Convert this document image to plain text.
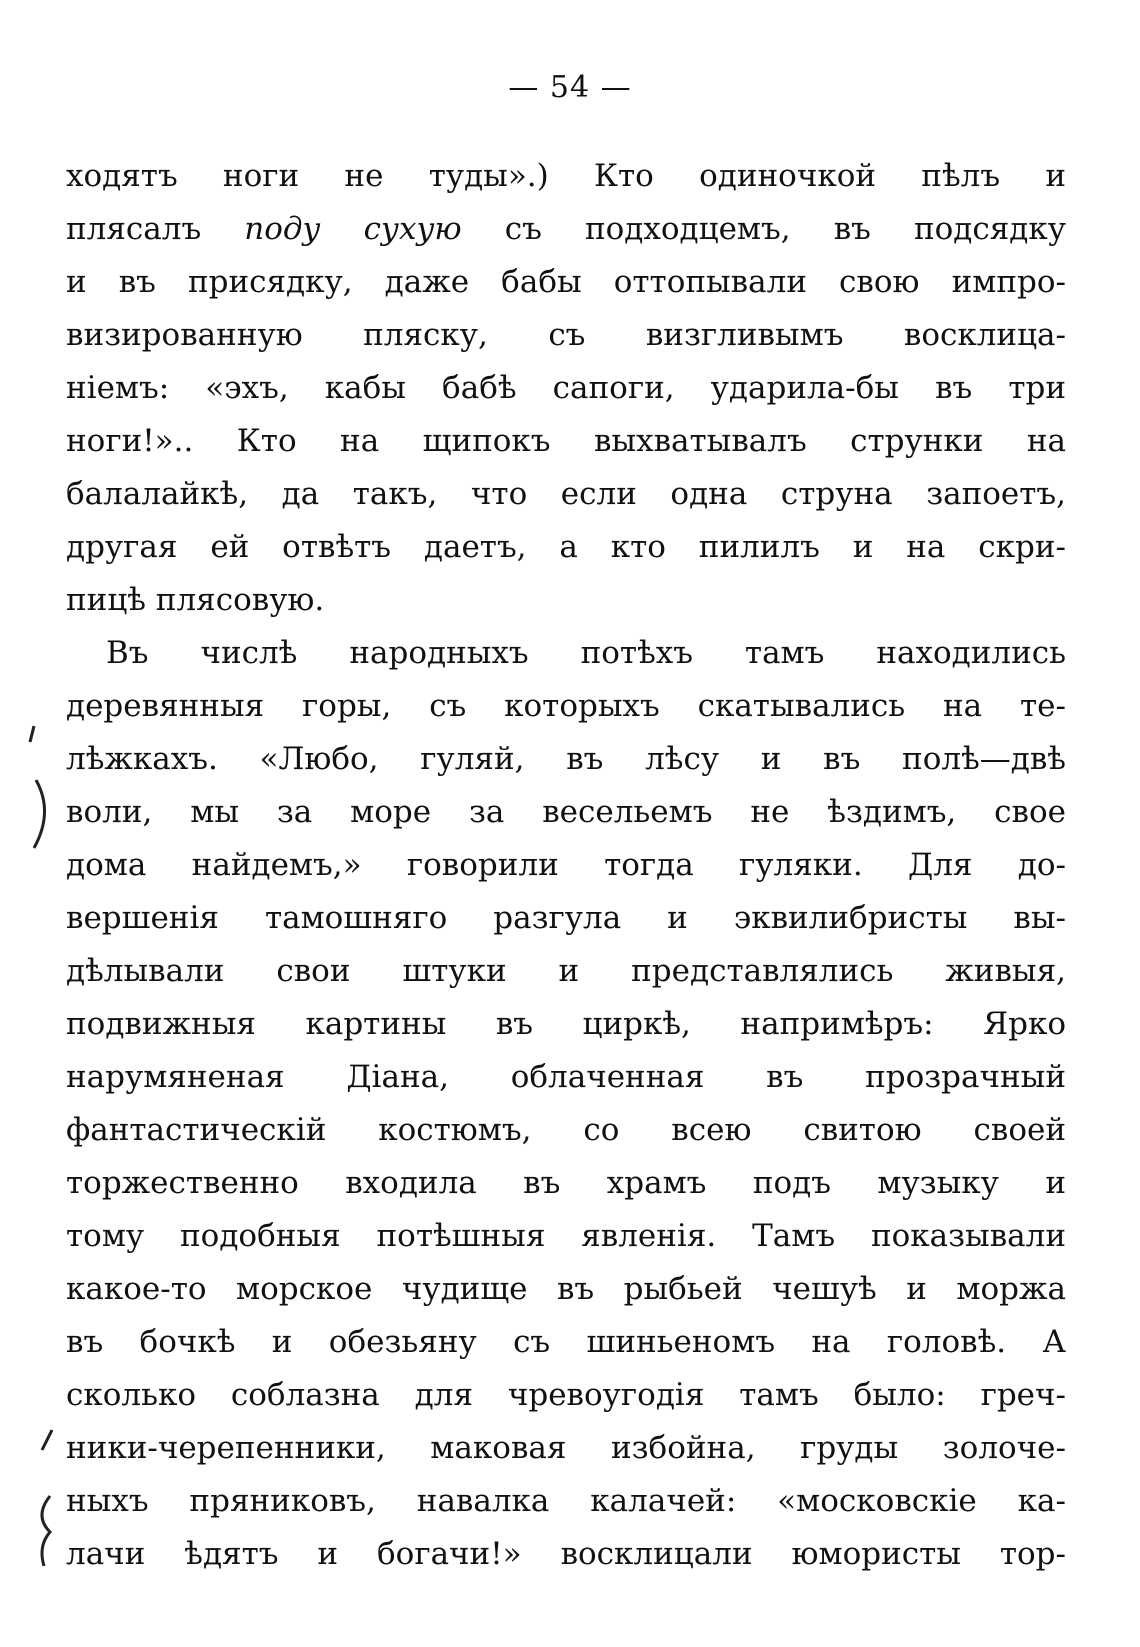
— 54 —
ходятъ ноги не туды».) Кто одиночкой пѣлъ и
плясалъ пoду сухую съ подходцемъ, въ подсядку
и въ присядку, даже бабы оттопывали свою импро-
визированную пляску, съ визгливымъ восклица-
ніемъ: «эхъ, кабы бабѣ сапоги, ударила-бы въ три
ноги!».. Кто на щипокъ выхватывалъ струнки на
балалайкѣ, да такъ, что если одна струна запоетъ,
другая ей отвѣтъ даетъ, а кто пилилъ и на скри-
пицѣ плясовую.
Въ числѣ народныхъ потѣхъ тамъ находились
деревянныя горы, съ которыхъ скатывались на те-
лѣжкахъ. «Любо, гуляй, въ лѣсу и въ полѣ—двѣ
воли, мы за море за весельемъ не ѣздимъ, свое
дома найдемъ,» говорили тогда гуляки. Для до-
вершенія тамошняго разгула и эквилибристы вы-
дѣлывали свои штуки и представлялись живыя,
подвижныя картины въ циркѣ, напримѣръ: Ярко
нарумяненая Діана, облаченная въ прозрачный
фантастическій костюмъ, со всею свитою своей
торжественно входила въ храмъ подъ музыку и
тому подобныя потѣшныя явленія. Тамъ показывали
какое-то морское чудище въ рыбьей чешуѣ и моржа
въ бочкѣ и обезьяну съ шиньеномъ на головѣ. А
сколько соблазна для чревоугодія тамъ было: греч-
ники-черепенники, маковая избойна, груды золоче-
ныхъ пряниковъ, навалка калачей: «московскіе ка-
лачи ѣдятъ и богачи!» восклицали юмористы тор-
